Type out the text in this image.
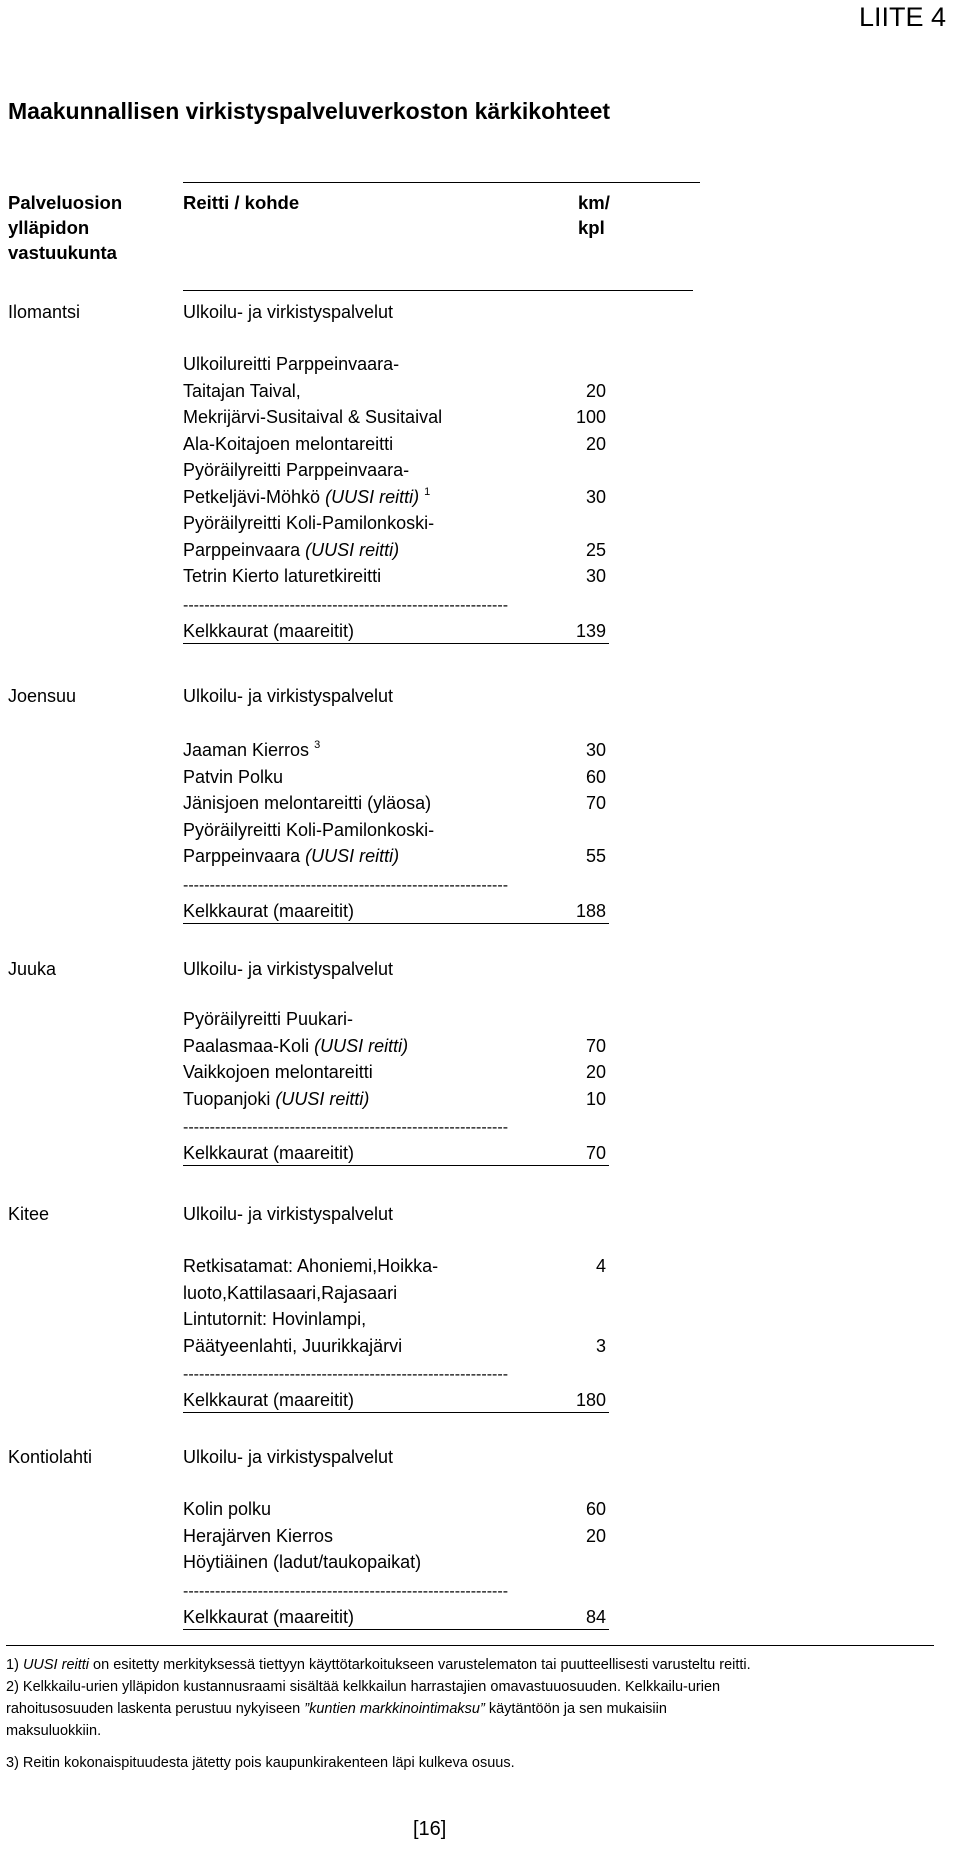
LIITE 4
Maakunnallisen virkistyspalveluverkoston kärkikohteet
Palveluosion
ylläpidon
vastuukunta
Reitti / kohde	km/
kpl
Ilomantsi	Ulkoilu- ja virkistyspalvelut
Ulkoilureitti Parppeinvaara-
Taitajan Taival,	20
Mekrijärvi-Susitaival & Susitaival	100
Ala-Koitajoen melontareitti	20
Pyöräilyreitti Parppeinvaara-
Petkeljävi-Möhkö (UUSI reitti) $^1$	30
Pyöräilyreitti Koli-Pamilonkoski-
Parppeinvaara (UUSI reitti)	25
Tetrin Kierto laturetkireitti	30
-------------------------------------------------------------
Kelkkaurat (maareitit)	139
Joensuu	Ulkoilu- ja virkistyspalvelut
Jaaman Kierros $^3$	30
Patvin Polku	60
Jänisjoen melontareitti (yläosa)	70
Pyöräilyreitti Koli-Pamilonkoski-
Parppeinvaara (UUSI reitti)	55
-------------------------------------------------------------
Kelkkaurat (maareitit)	188
Juuka	Ulkoilu- ja virkistyspalvelut
Pyöräilyreitti Puukari-
Paalasmaa-Koli (UUSI reitti)	70
Vaikkojoen melontareitti	20
Tuopanjoki (UUSI reitti)	10
-------------------------------------------------------------
Kelkkaurat (maareitit)	70
Kitee	Ulkoilu- ja virkistyspalvelut
Retkisatamat: Ahoniemi,Hoikka-	4
luoto,Kattilasaari,Rajasaari
Lintutornit: Hovinlampi,
Päätyeenlahti, Juurikkajärvi	3
-------------------------------------------------------------
Kelkkaurat (maareitit)	180
Kontiolahti	Ulkoilu- ja virkistyspalvelut
Kolin polku	60
Herajärven Kierros	20
Höytiäinen (ladut/taukopaikat)
-------------------------------------------------------------
Kelkkaurat (maareitit)	84
1) UUSI reitti on esitetty merkityksessä tiettyyn käyttötarkoitukseen varustelematon tai puutteellisesti varusteltu reitti.
2) Kelkkailu-urien ylläpidon kustannusraami sisältää kelkkailun harrastajien omavastuuosuuden. Kelkkailu-urien
rahoitusosuuden laskenta perustuu nykyiseen ”kuntien markkinointimaksu” käytäntöön ja sen mukaisiin
maksuluokkiin.
3) Reitin kokonaispituudesta jätetty pois kaupunkirakenteen läpi kulkeva osuus.
[16]
